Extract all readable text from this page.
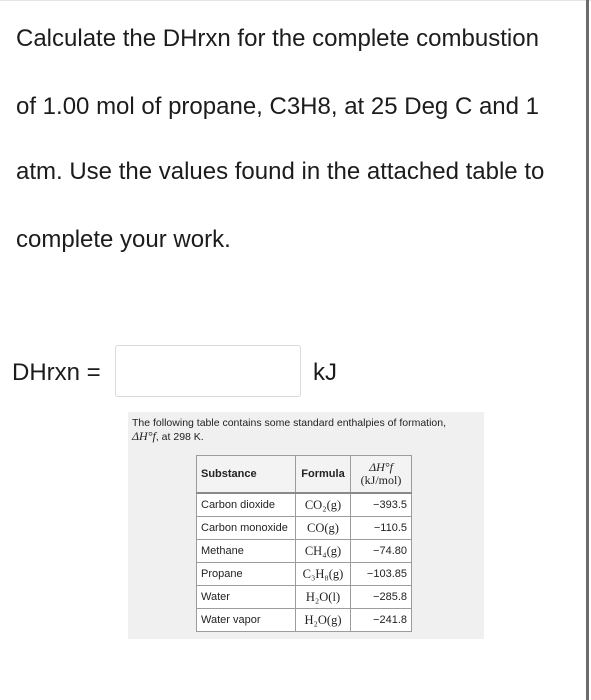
Calculate the DHrxn for the complete combustion
of 1.00 mol of propane, C3H8, at 25 Deg C and 1
atm. Use the values found in the attached table to
complete your work.
DHrxn =	kJ
The following table contains some standard enthalpies of formation,
ΔH°f, at 298 K.
Substance	Formula	ΔH°f
(kJ/mol)
Carbon dioxide	CO₂(g)	−393.5
Carbon monoxide	CO(g)	−110.5
Methane	CH₄(g)	−74.80
Propane	C₃H₈(g)	−103.85
Water	H₂O(l)	−285.8
Water vapor	H₂O(g)	−241.8
